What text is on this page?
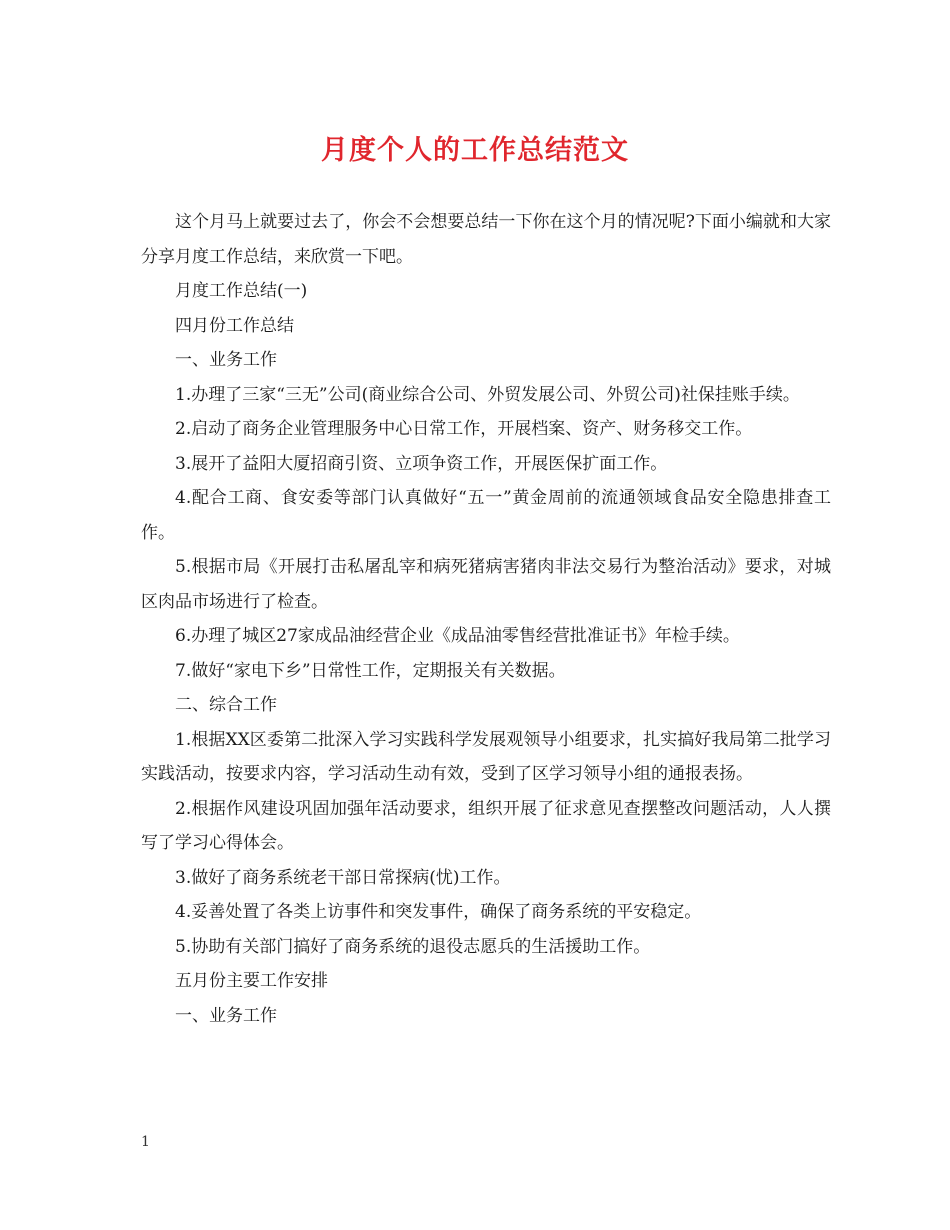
月度个人的工作总结范文

这个月马上就要过去了，你会不会想要总结一下你在这个月的情况呢?下面小编就和大家分享月度工作总结，来欣赏一下吧。

月度工作总结(一)

四月份工作总结

一、业务工作

1.办理了三家“三无”公司(商业综合公司、外贸发展公司、外贸公司)社保挂账手续。

2.启动了商务企业管理服务中心日常工作，开展档案、资产、财务移交工作。

3.展开了益阳大厦招商引资、立项争资工作，开展医保扩面工作。

4.配合工商、食安委等部门认真做好“五一”黄金周前的流通领域食品安全隐患排查工作。

5.根据市局《开展打击私屠乱宰和病死猪病害猪肉非法交易行为整治活动》要求，对城区肉品市场进行了检查。

6.办理了城区27家成品油经营企业《成品油零售经营批准证书》年检手续。

7.做好“家电下乡”日常性工作，定期报关有关数据。

二、综合工作

1.根据XX区委第二批深入学习实践科学发展观领导小组要求，扎实搞好我局第二批学习实践活动，按要求内容，学习活动生动有效，受到了区学习领导小组的通报表扬。

2.根据作风建设巩固加强年活动要求，组织开展了征求意见查摆整改问题活动，人人撰写了学习心得体会。

3.做好了商务系统老干部日常探病(忧)工作。

4.妥善处置了各类上访事件和突发事件，确保了商务系统的平安稳定。

5.协助有关部门搞好了商务系统的退役志愿兵的生活援助工作。

五月份主要工作安排

一、业务工作

1
